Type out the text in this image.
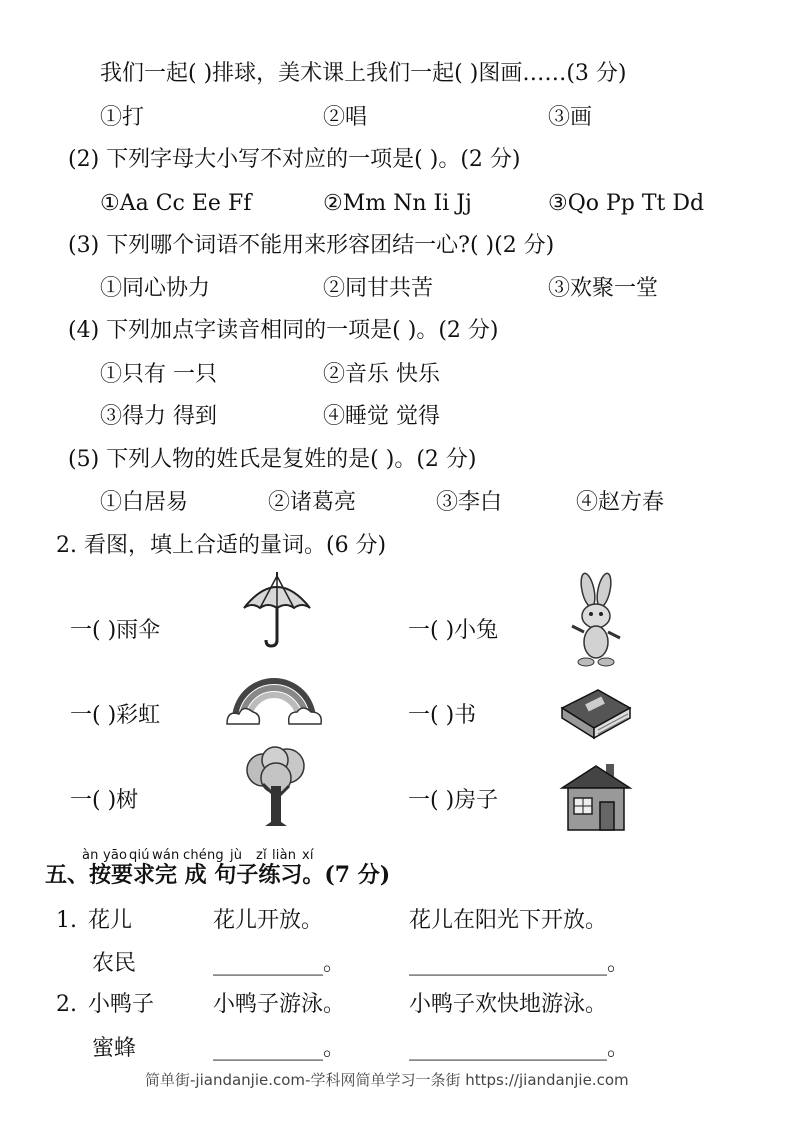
我们一起( )排球，美术课上我们一起( )图画……(3 分)
①打	②唱	③画
(2) 下列字母大小写不对应的一项是( )。(2 分)
①Aa Cc Ee Ff	②Mm Nn Ii Jj	③Qo Pp Tt Dd
(3) 下列哪个词语不能用来形容团结一心?( )(2 分)
①同心协力	②同甘共苦	③欢聚一堂
(4) 下列加点字读音相同的一项是( )。(2 分)
①只有 一只	②音乐 快乐
③得力 得到	④睡觉 觉得
(5) 下列人物的姓氏是复姓的是( )。(2 分)
①白居易	②诸葛亮	③李白	④赵方春
2. 看图，填上合适的量词。(6 分)
一( )雨伞	一( )小兔
一( )彩虹	一( )书
一( )树	一( )房子
àn yāo qiú wán chéng jù zǐ liàn xí
五、按要求完 成 句子练习。(7 分)
1. 花儿	花儿开放。	花儿在阳光下开放。
农民	__________。	__________________。
2. 小鸭子	小鸭子游泳。	小鸭子欢快地游泳。
蜜蜂	__________。	__________________。
简单街-jiandanjie.com-学科网简单学习一条街 https://jiandanjie.com
